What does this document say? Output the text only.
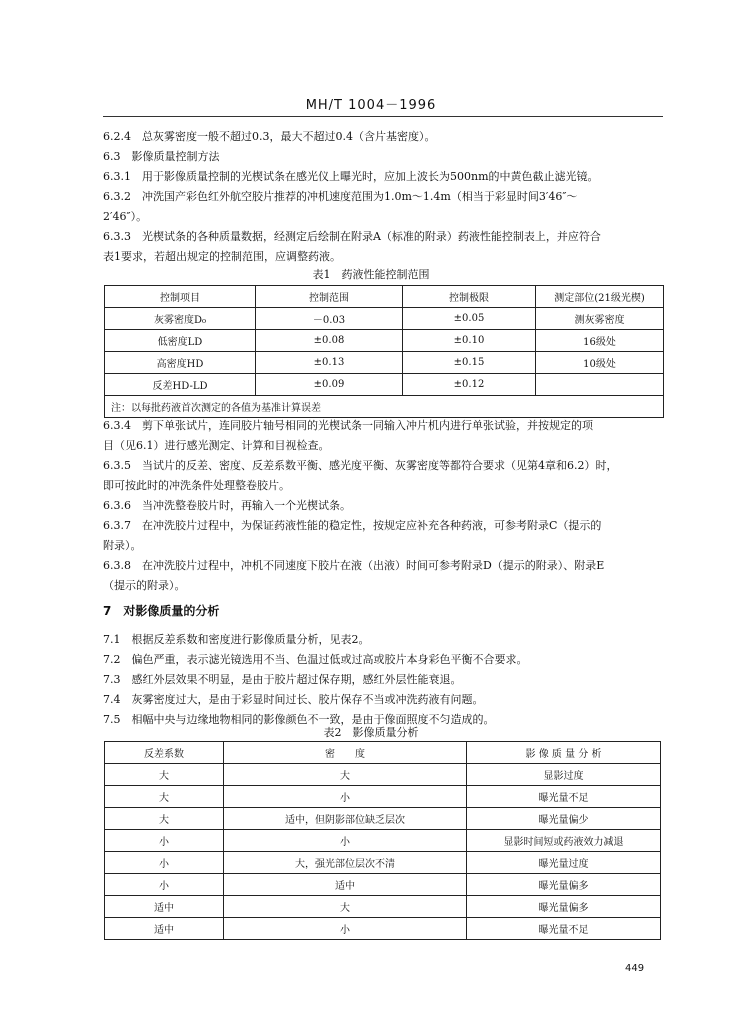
MH/T 1004－1996
6.2.4　总灰雾密度一般不超过0.3，最大不超过0.4（含片基密度）。
6.3　影像质量控制方法
6.3.1　用于影像质量控制的光楔试条在感光仪上曝光时，应加上波长为500nm的中黄色截止滤光镜。
6.3.2　冲洗国产彩色红外航空胶片推荐的冲机速度范围为1.0m～1.4m（相当于彩显时间3′46″～
2′46″）。
6.3.3　光楔试条的各种质量数据，经测定后绘制在附录A（标准的附录）药液性能控制表上，并应符合
表1要求，若超出规定的控制范围，应调整药液。
表1　药液性能控制范围
控制项目	控制范围	控制极限	测定部位(21级光楔)
灰雾密度D₀	－0.03	±0.05	测灰雾密度
低密度LD	±0.08	±0.10	16级处
高密度HD	±0.13	±0.15	10级处
反差HD-LD	±0.09	±0.12	
注：以每批药液首次测定的各值为基准计算误差			
6.3.4　剪下单张试片，连同胶片轴号相同的光楔试条一同输入冲片机内进行单张试验，并按规定的项
目（见6.1）进行感光测定、计算和目视检查。
6.3.5　当试片的反差、密度、反差系数平衡、感光度平衡、灰雾密度等都符合要求（见第4章和6.2）时，
即可按此时的冲洗条件处理整卷胶片。
6.3.6　当冲洗整卷胶片时，再输入一个光楔试条。
6.3.7　在冲洗胶片过程中，为保证药液性能的稳定性，按规定应补充各种药液，可参考附录C（提示的
附录）。
6.3.8　在冲洗胶片过程中，冲机不同速度下胶片在液（出液）时间可参考附录D（提示的附录）、附录E
（提示的附录）。
7　对影像质量的分析
7.1　根据反差系数和密度进行影像质量分析，见表2。
7.2　偏色严重，表示滤光镜选用不当、色温过低或过高或胶片本身彩色平衡不合要求。
7.3　感红外层效果不明显，是由于胶片超过保存期，感红外层性能衰退。
7.4　灰雾密度过大，是由于彩显时间过长、胶片保存不当或冲洗药液有问题。
7.5　相幅中央与边缘地物相同的影像颜色不一致，是由于像面照度不匀造成的。
表2　影像质量分析
反差系数	密　　度	影 像 质 量 分 析
大	大	显影过度
大	小	曝光量不足
大	适中，但阴影部位缺乏层次	曝光量偏少
小	小	显影时间短或药液效力减退
小	大，强光部位层次不清	曝光量过度
小	适中	曝光量偏多
适中	大	曝光量偏多
适中	小	曝光量不足
449
